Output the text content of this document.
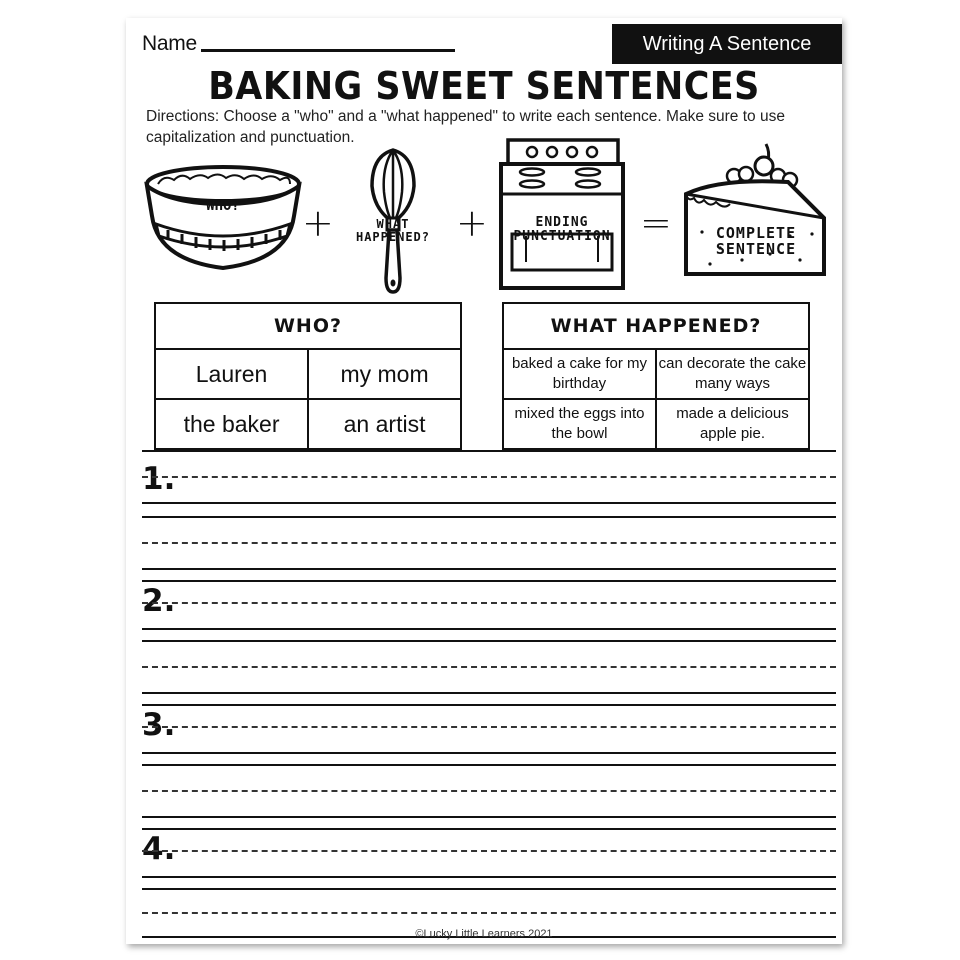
Name	Writing A Sentence
BAKING SWEET SENTENCES
Directions: Choose a "who" and a "what happened" to write each sentence. Make sure to use capitalization and punctuation.
WHO?	+	WHAT HAPPENED? +	ENDING PUNCTUATION =	COMPLETE SENTENCE
WHO?	
Lauren	my mom
the baker	an artist
WHAT HAPPENED?	
baked a cake for my birthday	can decorate the cake many ways
mixed the eggs into the bowl	made a delicious apple pie.
1.
2.
3.
4.
©Lucky Little Learners 2021
